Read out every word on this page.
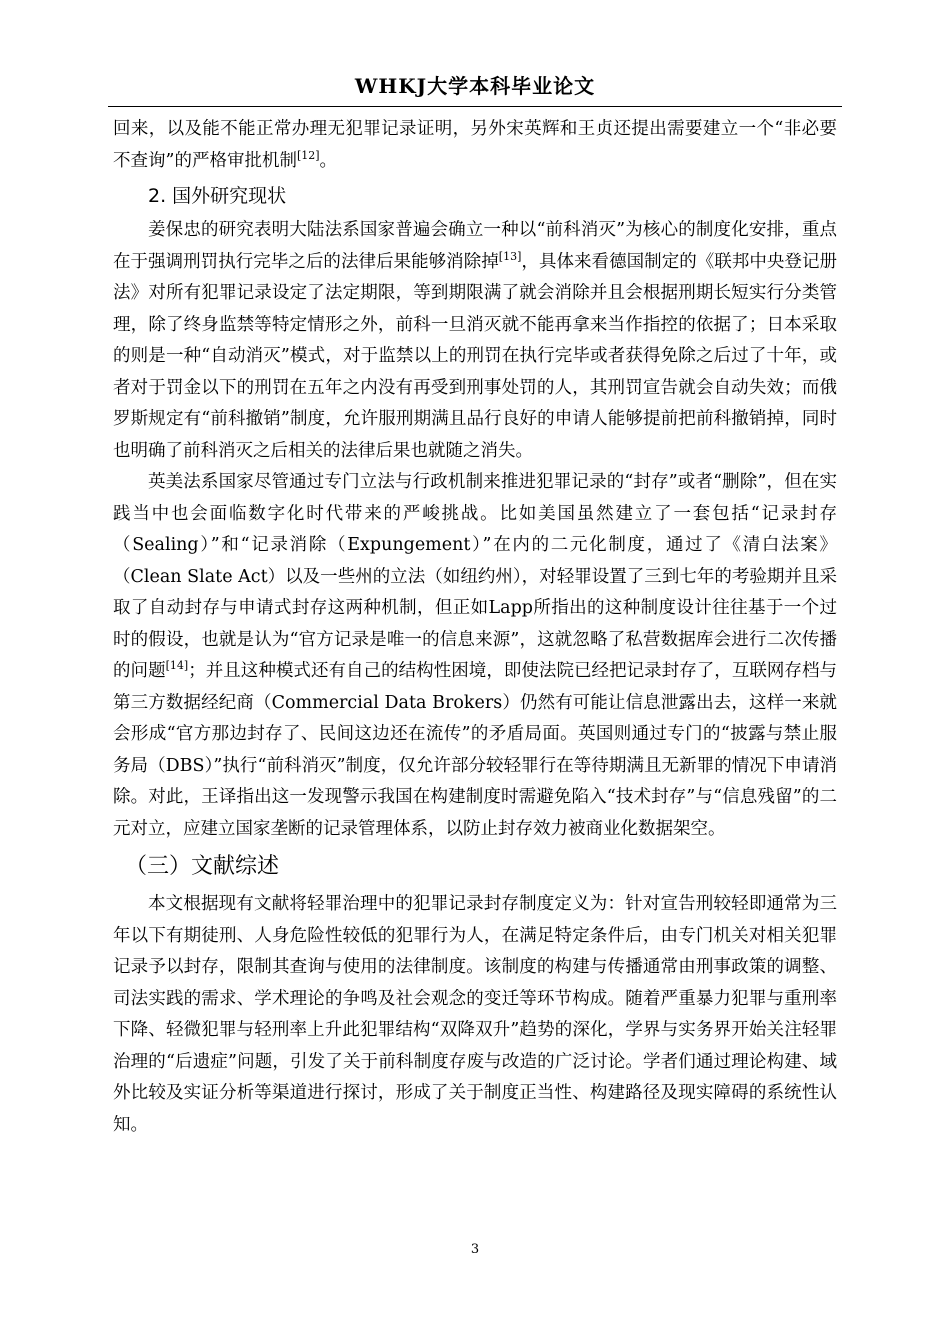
WHKJ大学本科毕业论文

回来，以及能不能正常办理无犯罪记录证明，另外宋英辉和王贞还提出需要建立一个“非必要不查询”的严格审批机制[12]。

2. 国外研究现状

姜保忠的研究表明大陆法系国家普遍会确立一种以“前科消灭”为核心的制度化安排，重点在于强调刑罚执行完毕之后的法律后果能够消除掉[13]，具体来看德国制定的《联邦中央登记册法》对所有犯罪记录设定了法定期限，等到期限满了就会消除并且会根据刑期长短实行分类管理，除了终身监禁等特定情形之外，前科一旦消灭就不能再拿来当作指控的依据了；日本采取的则是一种“自动消灭”模式，对于监禁以上的刑罚在执行完毕或者获得免除之后过了十年，或者对于罚金以下的刑罚在五年之内没有再受到刑事处罚的人，其刑罚宣告就会自动失效；而俄罗斯规定有“前科撤销”制度，允许服刑期满且品行良好的申请人能够提前把前科撤销掉，同时也明确了前科消灭之后相关的法律后果也就随之消失。

英美法系国家尽管通过专门立法与行政机制来推进犯罪记录的“封存”或者“删除”，但在实践当中也会面临数字化时代带来的严峻挑战。比如美国虽然建立了一套包括“记录封存（Sealing）”和“记录消除（Expungement）”在内的二元化制度，通过了《清白法案》（Clean Slate Act）以及一些州的立法（如纽约州），对轻罪设置了三到七年的考验期并且采取了自动封存与申请式封存这两种机制，但正如Lapp所指出的这种制度设计往往基于一个过时的假设，也就是认为“官方记录是唯一的信息来源”，这就忽略了私营数据库会进行二次传播的问题[14]；并且这种模式还有自己的结构性困境，即使法院已经把记录封存了，互联网存档与第三方数据经纪商（Commercial Data Brokers）仍然有可能让信息泄露出去，这样一来就会形成“官方那边封存了、民间这边还在流传”的矛盾局面。英国则通过专门的“披露与禁止服务局（DBS）”执行“前科消灭”制度，仅允许部分较轻罪行在等待期满且无新罪的情况下申请消除。对此，王译指出这一发现警示我国在构建制度时需避免陷入“技术封存”与“信息残留”的二元对立，应建立国家垄断的记录管理体系，以防止封存效力被商业化数据架空。

（三）文献综述

本文根据现有文献将轻罪治理中的犯罪记录封存制度定义为：针对宣告刑较轻即通常为三年以下有期徒刑、人身危险性较低的犯罪行为人，在满足特定条件后，由专门机关对相关犯罪记录予以封存，限制其查询与使用的法律制度。该制度的构建与传播通常由刑事政策的调整、司法实践的需求、学术理论的争鸣及社会观念的变迁等环节构成。随着严重暴力犯罪与重刑率下降、轻微犯罪与轻刑率上升此犯罪结构“双降双升”趋势的深化，学界与实务界开始关注轻罪治理的“后遗症”问题，引发了关于前科制度存废与改造的广泛讨论。学者们通过理论构建、域外比较及实证分析等渠道进行探讨，形成了关于制度正当性、构建路径及现实障碍的系统性认知。

3
